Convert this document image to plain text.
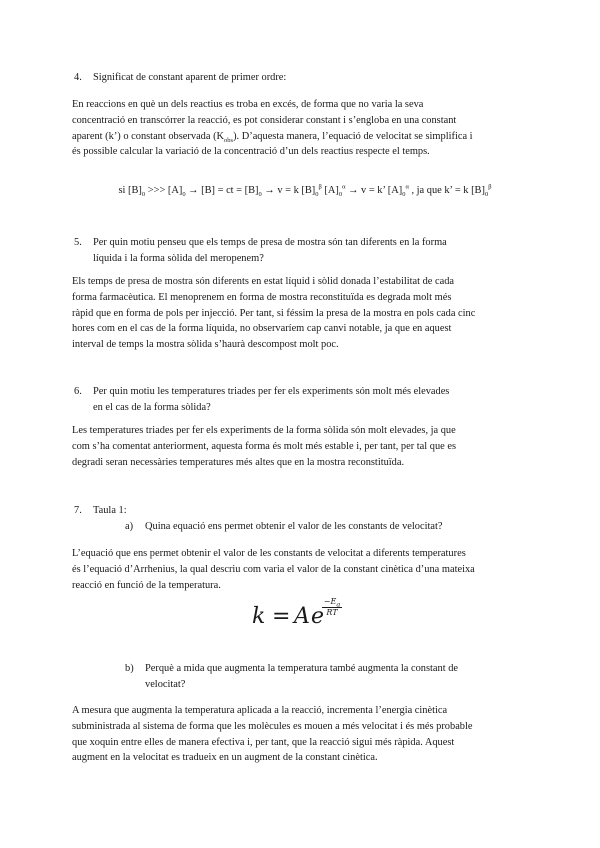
4. Significat de constant aparent de primer ordre:
En reaccions en què un dels reactius es troba en excés, de forma que no varia la seva
concentració en transcórrer la reacció, es pot considerar constant i s’engloba en una constant
aparent (k’) o constant observada $(K_{obs})$. D’aquesta manera, l’equació de velocitat se simplifica i
és possible calcular la variació de la concentració d’un dels reactius respecte el temps.
si $[B]_0$ >>> $[A]_0 \to [B]$ = ct = $[B]_0 \to v = k$ $[B]_0^\beta$ $[A]_0^\alpha \to v = k$’ $[A]_0^\alpha$ , ja que k’ = k $[B]_0^\beta$
5. Per quin motiu penseu que els temps de presa de mostra són tan diferents en la forma
líquida i la forma sòlida del meropenem?
Els temps de presa de mostra són diferents en estat líquid i sòlid donada l’estabilitat de cada
forma farmacèutica. El menoprenem en forma de mostra reconstituïda es degrada molt més
ràpid que en forma de pols per injecció. Per tant, si féssim la presa de la mostra en pols cada cinc
hores com en el cas de la forma líquida, no observaríem cap canvi notable, ja que en aquest
interval de temps la mostra sòlida s’haurà descompost molt poc.
6. Per quin motiu les temperatures triades per fer els experiments són molt més elevades
en el cas de la forma sòlida?
Les temperatures triades per fer els experiments de la forma sòlida són molt elevades, ja que
com s’ha comentat anteriorment, aquesta forma és molt més estable i, per tant, per tal que es
degradi seran necessàries temperatures més altes que en la mostra reconstituïda.
7. Taula 1:
a) Quina equació ens permet obtenir el valor de les constants de velocitat?
L’equació que ens permet obtenir el valor de les constants de velocitat a diferents temperatures
és l’equació d’Arrhenius, la qual descriu com varia el valor de la constant cinètica d’una mateixa
reacció en funció de la temperatura.
k = A e
$\frac{-E_a}{RT}$
b) Perquè a mida que augmenta la temperatura també augmenta la constant de
velocitat?
A mesura que augmenta la temperatura aplicada a la reacció, incrementa l’energia cinètica
subministrada al sistema de forma que les molècules es mouen a més velocitat i és més probable
que xoquin entre elles de manera efectiva i, per tant, que la reacció sigui més ràpida. Aquest
augment en la velocitat es tradueix en un augment de la constant cinètica.
